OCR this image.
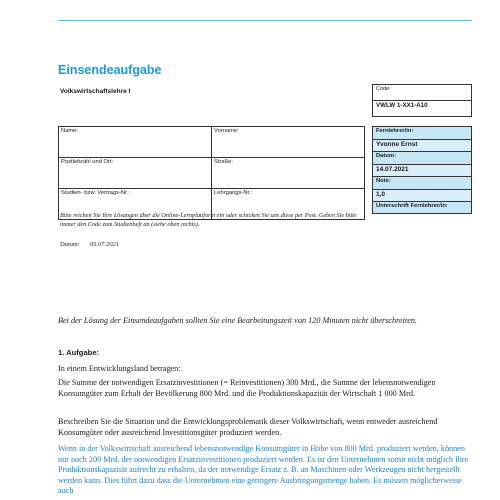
Einsendeaufgabe
Volkswirtschaftslehre I	Code:
VWLW 1-XX1-A10
Name:	Vorname:
Postleitzahl und Ort:	Straße:
Studien- bzw. Vertrags-Nr.:	Lehrgangs-Nr.:
Fernlehrer/in:
Yvonne Ernst
Datum:
14.07.2021
Note:
1,0
Unterschrift Fernlehrer/in:
Bitte reichen Sie Ihre Lösungen über die Online-Lernplattform ein oder schicken Sie uns diese per Post. Geben Sie bitte immer den Code zum Studienheft an (siehe oben rechts).
Datum: 05.07.2021
Bei der Lösung der Einsendeaufgaben sollten Sie eine Bearbeitungszeit von 120 Minuten nicht überschreiten.
1. Aufgabe:
In einem Entwicklungsland betragen:
Die Summe der notwendigen Ersatzinvestitionen (= Reinvestitionen) 300 Mrd., die Summe der lebensnotwendigen Konsumgüter zum Erhalt der Bevölkerung 800 Mrd. und die Produktionskapazität der Wirtschaft 1 000 Mrd.
Beschreiben Sie die Situation und die Entwicklungsproblematik dieser Volkswirtschaft, wenn entweder ausreichend Konsumgüter oder ausreichend Investitionsgüter produziert werden.
Wenn in der Volkswirtschaft ausreichend lebensnotwendige Konsumgüter in Höhe von 800 Mrd. produziert werden, können nur noch 200 Mrd. der notwendigen Ersatzinvestitionen produziert werden. Es ist den Unternehmen somit nicht möglich Ihre Produktionskapazität aufrecht zu erhalten, da der notwendige Ersatz z. B. an Maschinen oder Werkzeugen nicht hergestellt werden kann. Dies führt dazu dass die Unternehmen eine geringere Ausbringungsmenge haben. Es müssen möglicherweise auch
